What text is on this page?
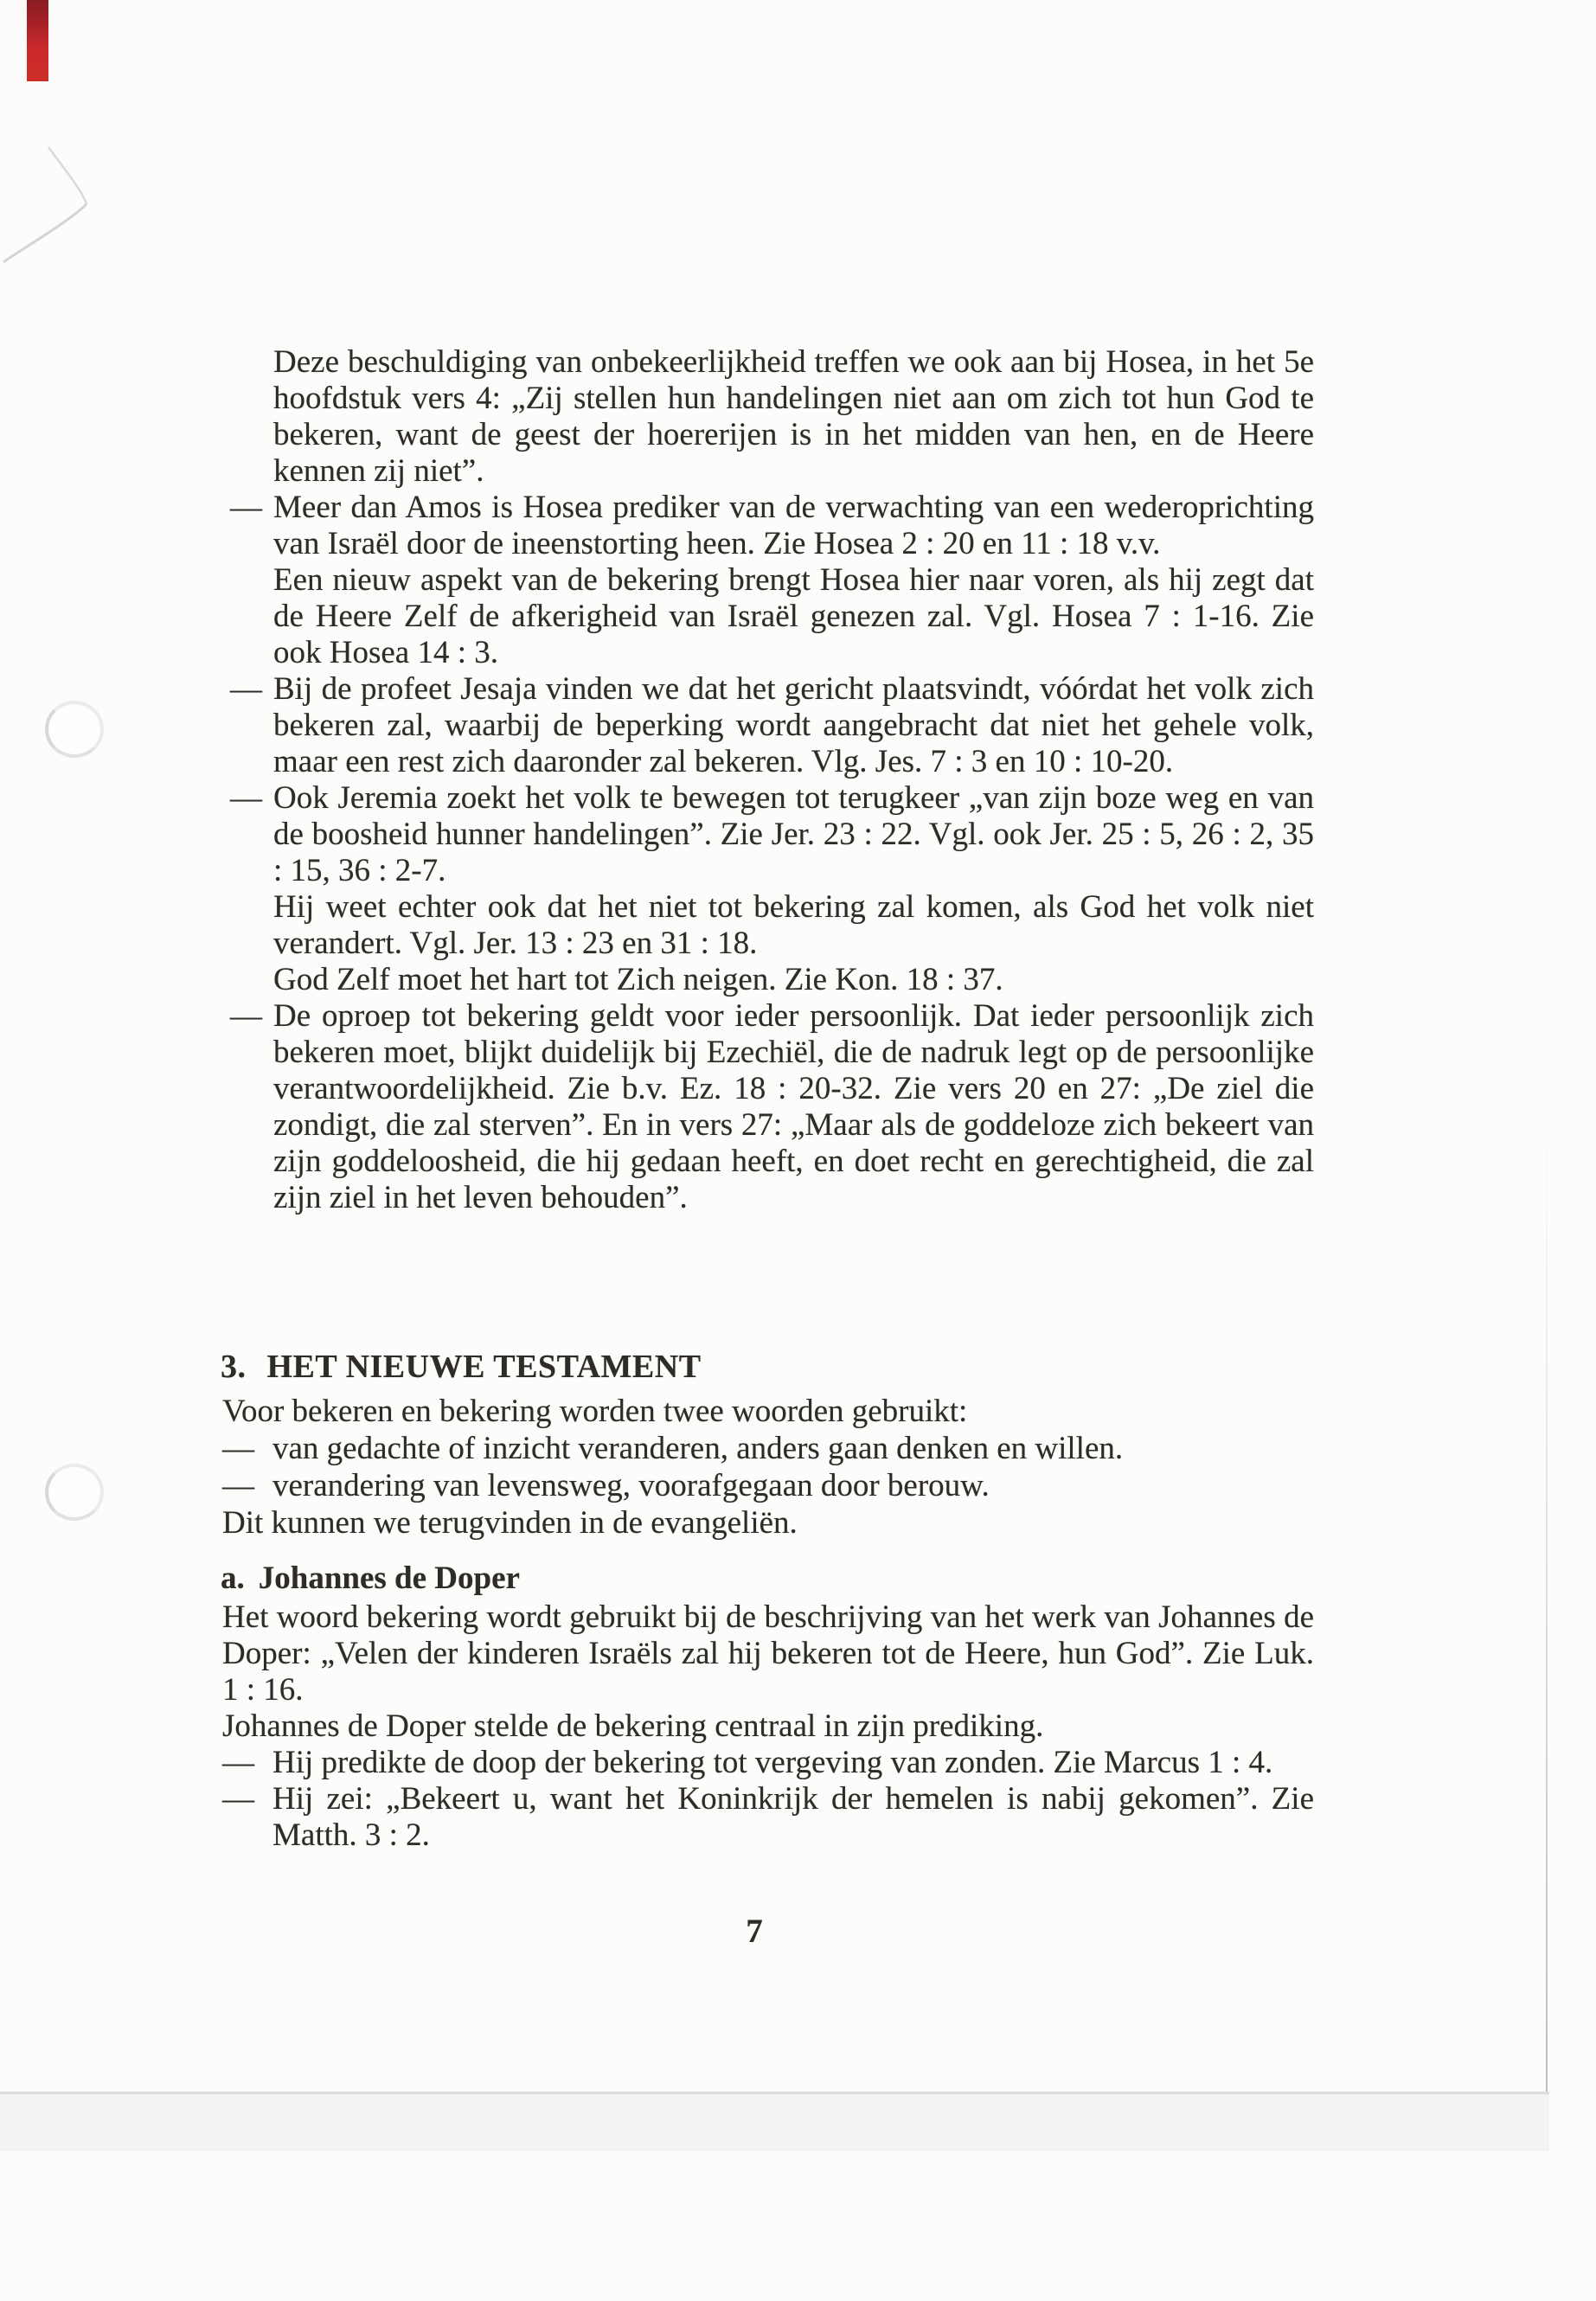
Deze beschuldiging van onbekeerlijkheid treffen we ook aan bij Hosea, in het 5e hoofdstuk vers 4: „Zij stellen hun handelingen niet aan om zich tot hun God te bekeren, want de geest der hoererijen is in het midden van hen, en de Heere kennen zij niet”.
— Meer dan Amos is Hosea prediker van de verwachting van een wederoprichting van Israël door de ineenstorting heen. Zie Hosea 2 : 20 en 11 : 18 v.v.
Een nieuw aspekt van de bekering brengt Hosea hier naar voren, als hij zegt dat de Heere Zelf de afkerigheid van Israël genezen zal. Vgl. Hosea 7 : 1-16. Zie ook Hosea 14 : 3.
— Bij de profeet Jesaja vinden we dat het gericht plaatsvindt, vóórdat het volk zich bekeren zal, waarbij de beperking wordt aangebracht dat niet het gehele volk, maar een rest zich daaronder zal bekeren. Vlg. Jes. 7 : 3 en 10 : 10-20.
— Ook Jeremia zoekt het volk te bewegen tot terugkeer „van zijn boze weg en van de boosheid hunner handelingen”. Zie Jer. 23 : 22. Vgl. ook Jer. 25 : 5, 26 : 2, 35 : 15, 36 : 2-7.
Hij weet echter ook dat het niet tot bekering zal komen, als God het volk niet verandert. Vgl. Jer. 13 : 23 en 31 : 18.
God Zelf moet het hart tot Zich neigen. Zie Kon. 18 : 37.
— De oproep tot bekering geldt voor ieder persoonlijk. Dat ieder persoonlijk zich bekeren moet, blijkt duidelijk bij Ezechiël, die de nadruk legt op de persoonlijke verantwoordelijkheid. Zie b.v. Ez. 18 : 20-32. Zie vers 20 en 27: „De ziel die zondigt, die zal sterven”. En in vers 27: „Maar als de goddeloze zich bekeert van zijn goddeloosheid, die hij gedaan heeft, en doet recht en gerechtigheid, die zal zijn ziel in het leven behouden”.
3. HET NIEUWE TESTAMENT

Voor bekeren en bekering worden twee woorden gebruikt:

— van gedachte of inzicht veranderen, anders gaan denken en willen.
— verandering van levensweg, voorafgegaan door berouw.

Dit kunnen we terugvinden in de evangeliën.

a. Johannes de Doper

Het woord bekering wordt gebruikt bij de beschrijving van het werk van Johannes de Doper: „Velen der kinderen Israëls zal hij bekeren tot de Heere, hun God”. Zie Luk. 1 : 16.

Johannes de Doper stelde de bekering centraal in zijn prediking.

— Hij predikte de doop der bekering tot vergeving van zonden. Zie Marcus 1 : 4.
— Hij zei: „Bekeert u, want het Koninkrijk der hemelen is nabij gekomen”. Zie Matth. 3 : 2.
7
